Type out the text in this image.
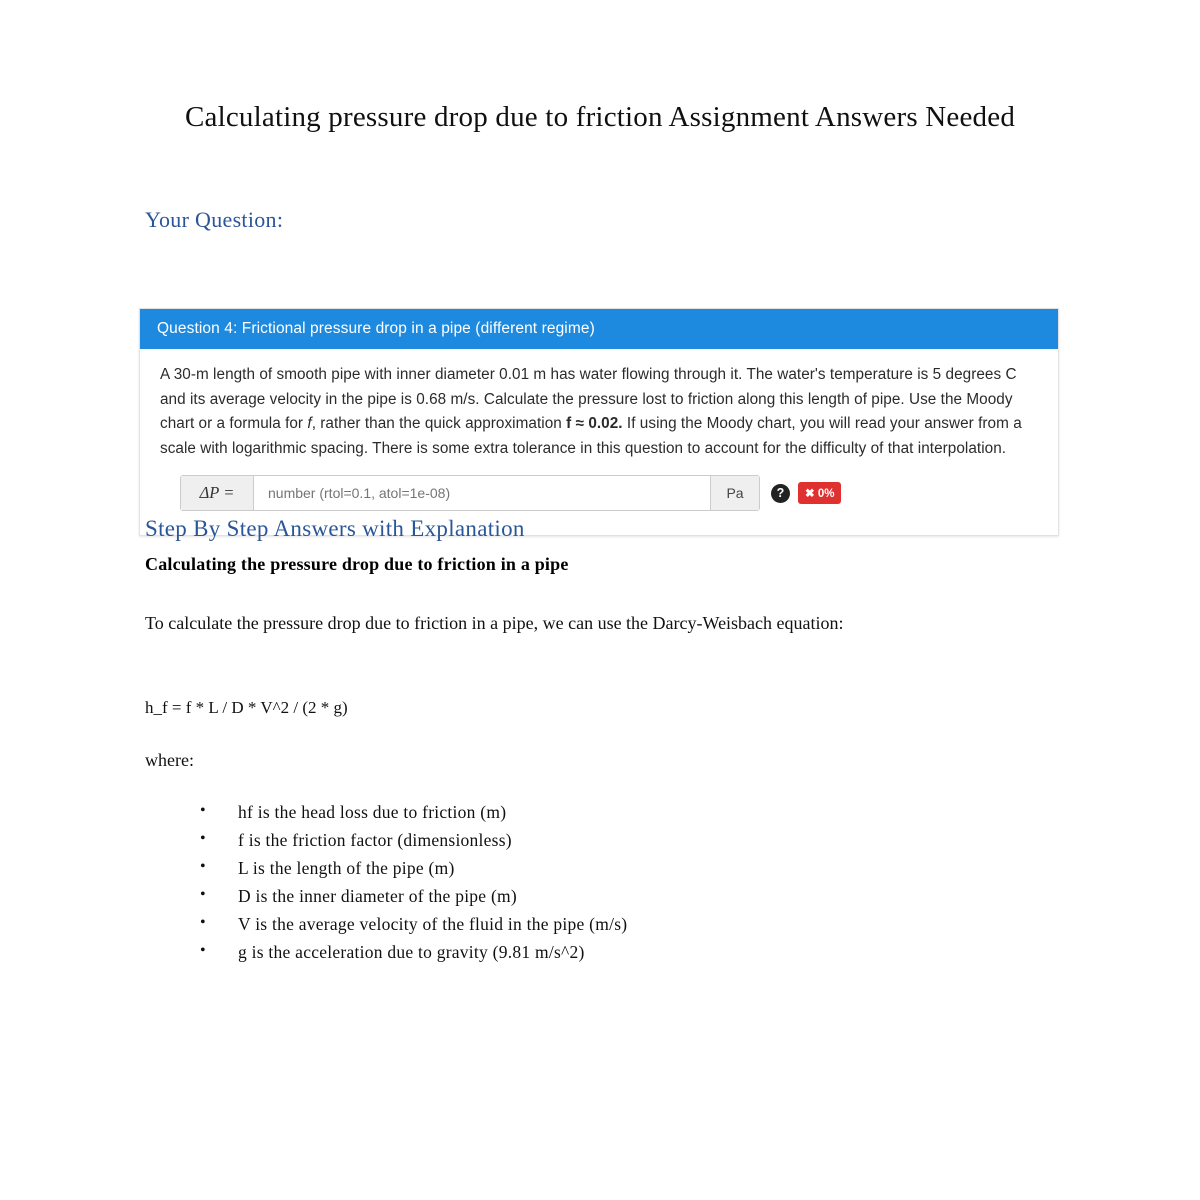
Calculating pressure drop due to friction Assignment Answers Needed
Your Question:
Question 4: Frictional pressure drop in a pipe (different regime)
A 30-m length of smooth pipe with inner diameter 0.01 m has water flowing through it. The water's temperature is 5 degrees C and its average velocity in the pipe is 0.68 m/s. Calculate the pressure lost to friction along this length of pipe. Use the Moody chart or a formula for f, rather than the quick approximation f ≈ 0.02. If using the Moody chart, you will read your answer from a scale with logarithmic spacing. There is some extra tolerance in this question to account for the difficulty of that interpolation.
ΔP =
number (rtol=0.1, atol=1e-08)	Pa	?	✖ 0%
Step By Step Answers with Explanation
Calculating the pressure drop due to friction in a pipe
To calculate the pressure drop due to friction in a pipe, we can use the Darcy-Weisbach equation:
h_f = f * L / D * V^2 / (2 * g)
where:
• hf is the head loss due to friction (m)
• f is the friction factor (dimensionless)
• L is the length of the pipe (m)
• D is the inner diameter of the pipe (m)
• V is the average velocity of the fluid in the pipe (m/s)
• g is the acceleration due to gravity (9.81 m/s^2)
